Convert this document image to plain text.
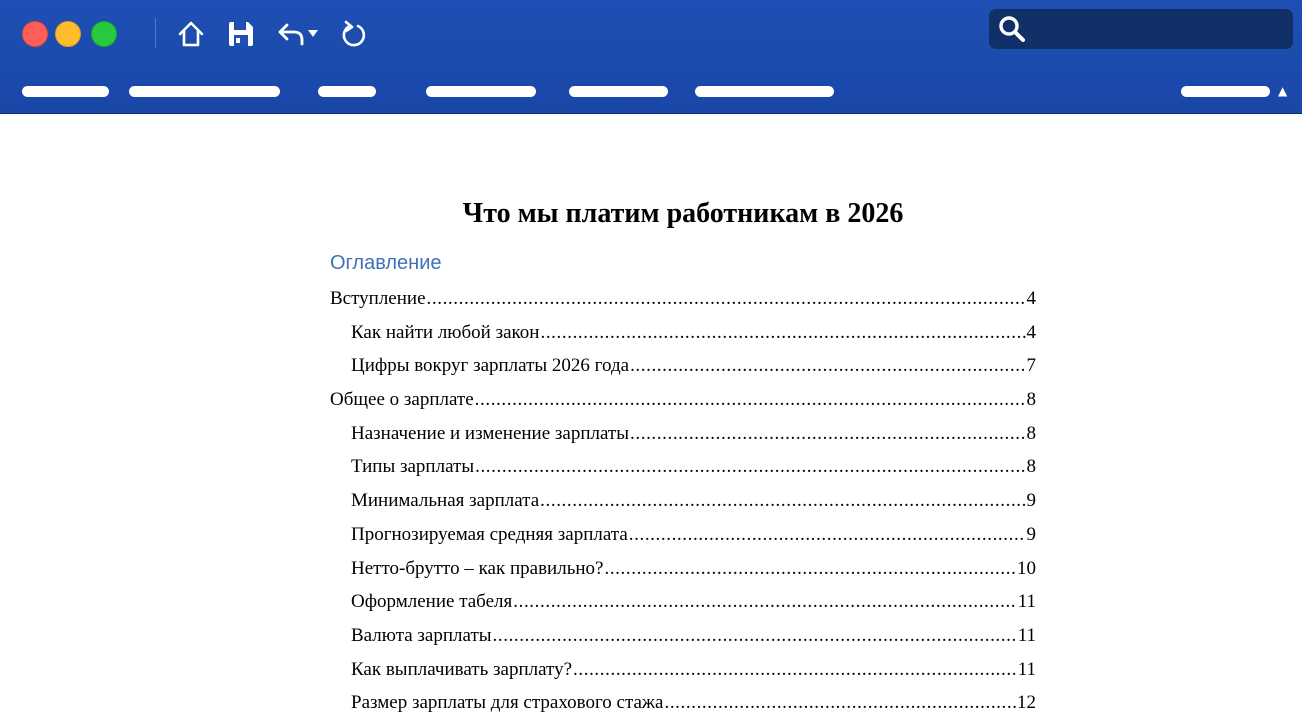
▲
Что мы платим работникам в 2026
Оглавление
Вступление .....	4
Как найти любой закон .....	4
Цифры вокруг зарплаты 2026 года .....	7
Общее о зарплате .....	8
Назначение и изменение зарплаты .....	8
Типы зарплаты .....	8
Минимальная зарплата .....	9
Прогнозируемая средняя зарплата .....	9
Нетто-брутто – как правильно? .....	10
Оформление табеля .....	11
Валюта зарплаты .....	11
Как выплачивать зарплату? .....	11
Размер зарплаты для страхового стажа .....	12
